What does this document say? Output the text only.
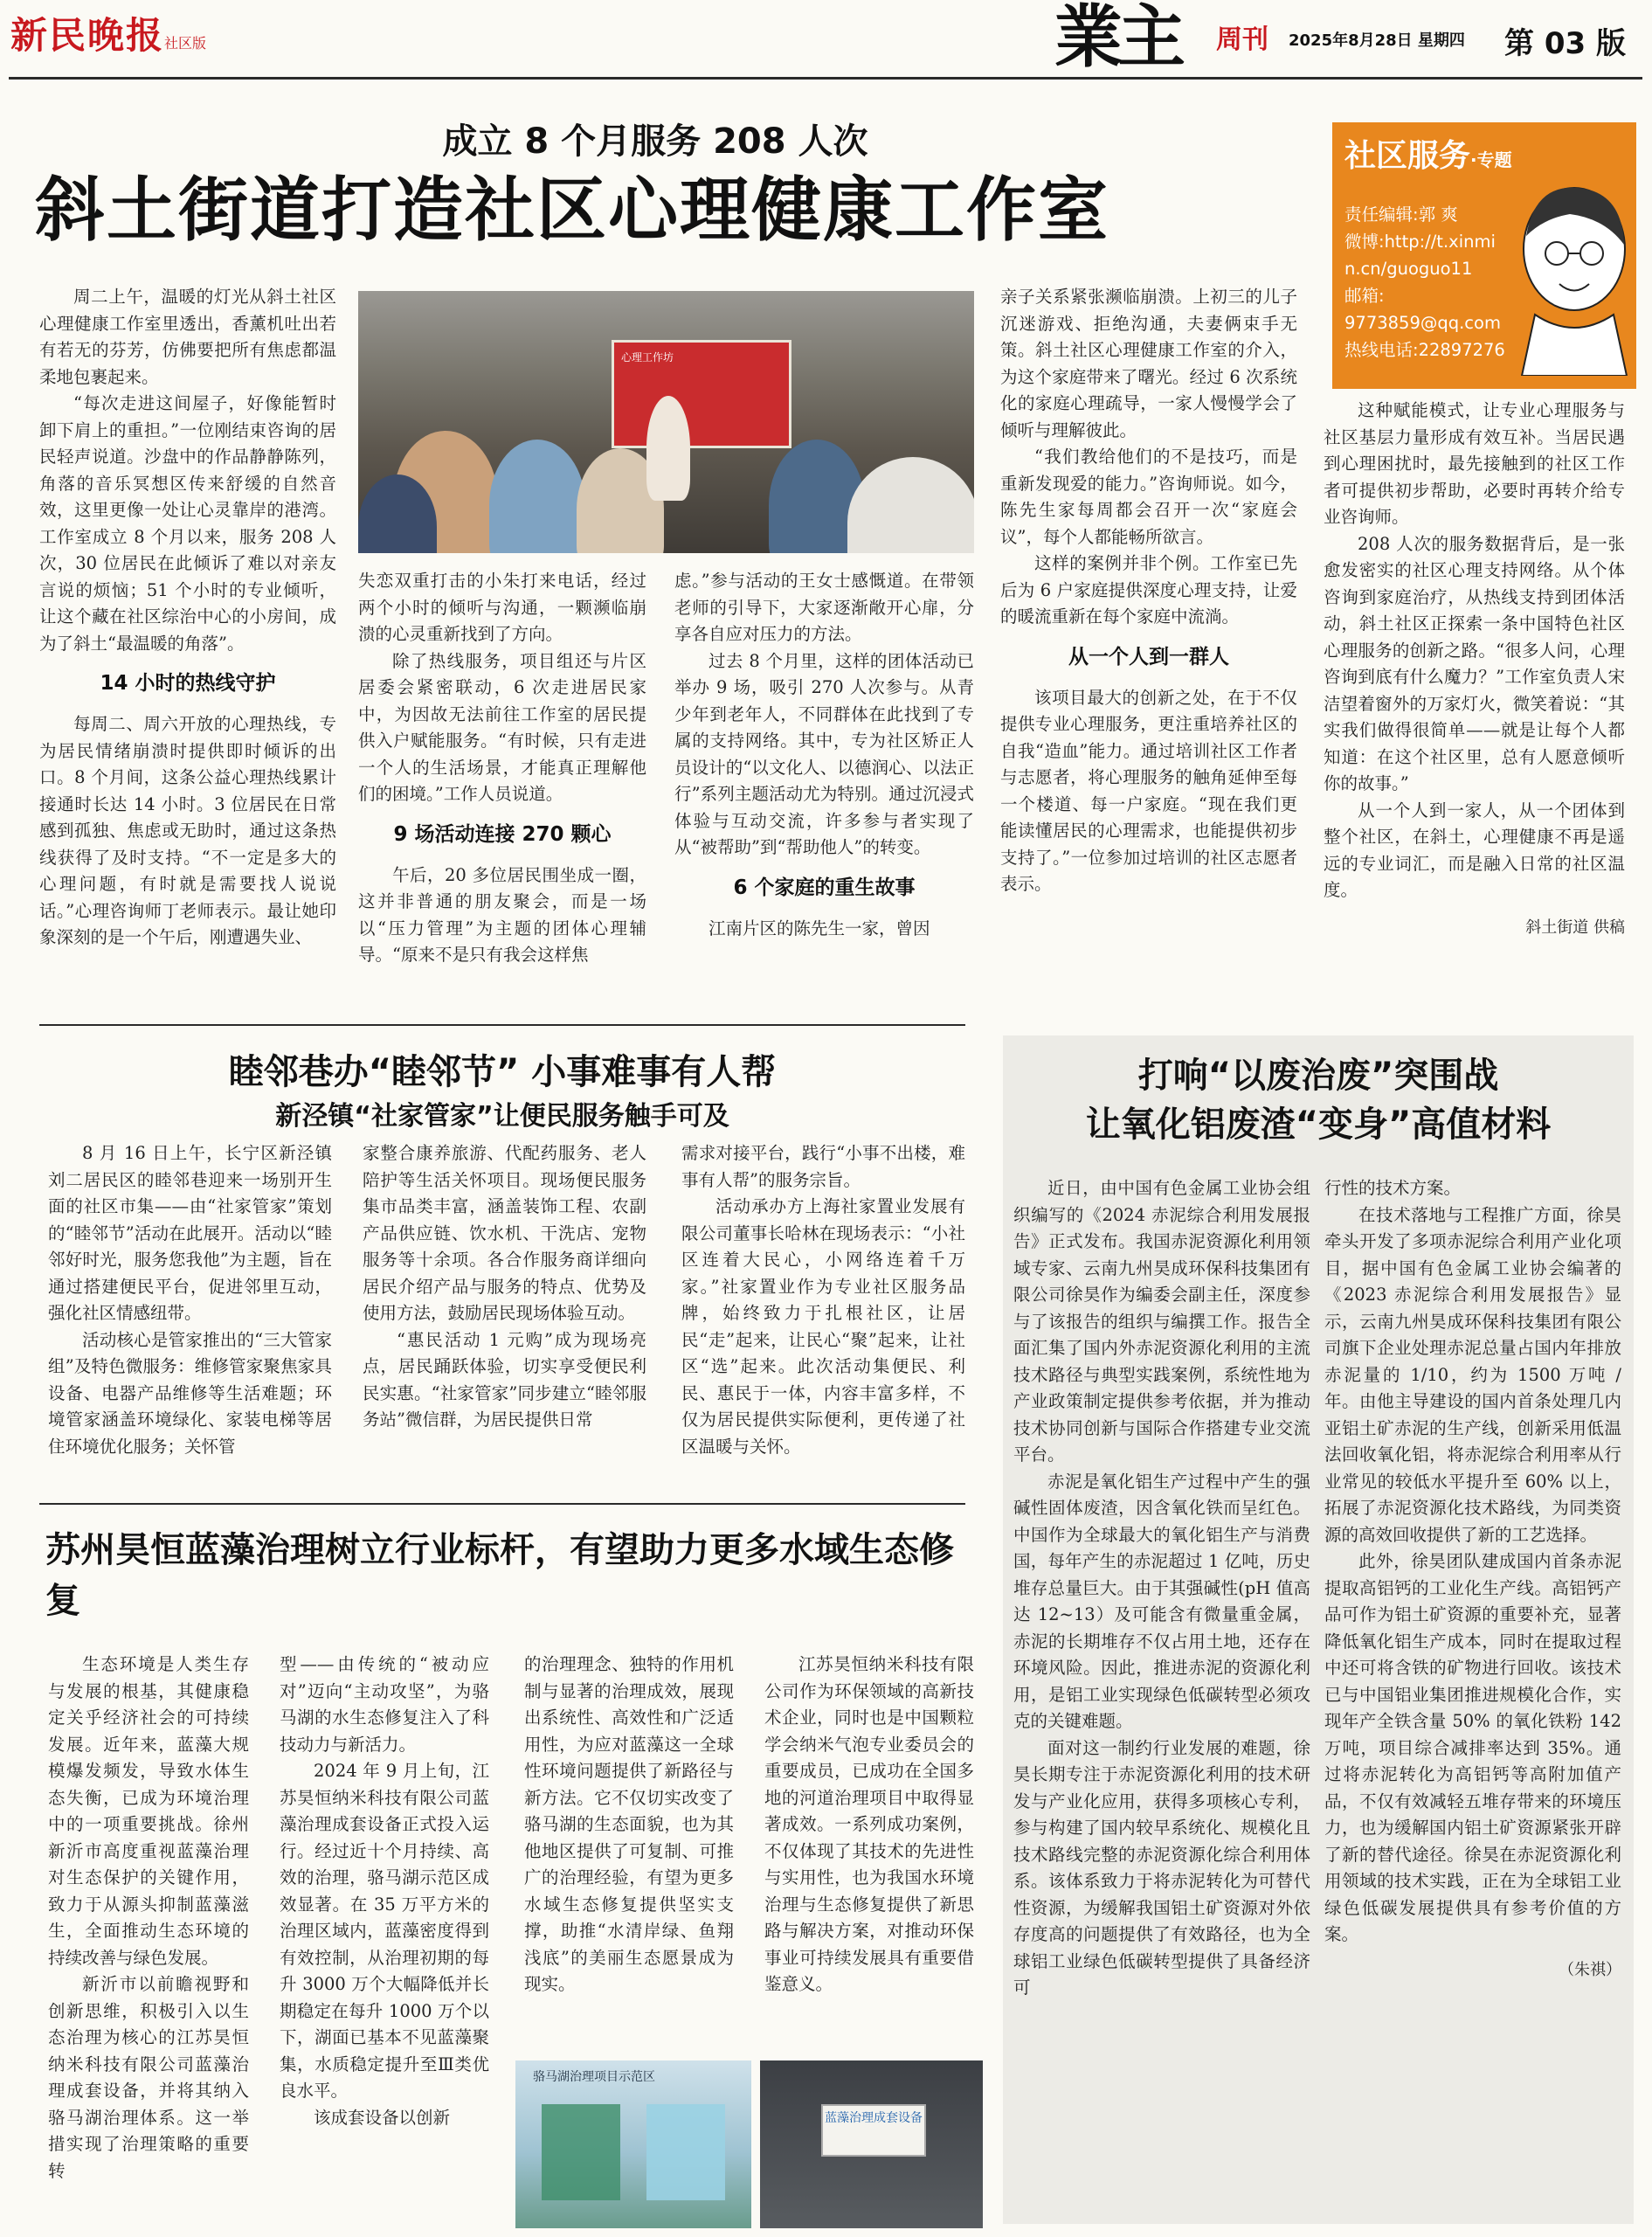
新民晚报社区版	業主 周刊 2025年8月28日 星期四 第 03 版
成立 8 个月服务 208 人次
斜土街道打造社区心理健康工作室
心理工作坊
社区服务·专题
责任编辑:郭 爽
微博:http://t.xinmin.cn/guoguo11
邮箱:
9773859@qq.com
热线电话:22897276

周二上午，温暖的灯光从斜土社区心理健康工作室里透出，香薰机吐出若有若无的芬芳，仿佛要把所有焦虑都温柔地包裹起来。

“每次走进这间屋子，好像能暂时卸下肩上的重担。”一位刚结束咨询的居民轻声说道。沙盘中的作品静静陈列，角落的音乐冥想区传来舒缓的自然音效，这里更像一处让心灵靠岸的港湾。工作室成立 8 个月以来，服务 208 人次，30 位居民在此倾诉了难以对亲友言说的烦恼；51 个小时的专业倾听，让这个藏在社区综治中心的小房间，成为了斜土“最温暖的角落”。

14 小时的热线守护

每周二、周六开放的心理热线，专为居民情绪崩溃时提供即时倾诉的出口。8 个月间，这条公益心理热线累计接通时长达 14 小时。3 位居民在日常感到孤独、焦虑或无助时，通过这条热线获得了及时支持。“不一定是多大的心理问题，有时就是需要找人说说话。”心理咨询师丁老师表示。最让她印象深刻的是一个午后，刚遭遇失业、

失恋双重打击的小朱打来电话，经过两个小时的倾听与沟通，一颗濒临崩溃的心灵重新找到了方向。

除了热线服务，项目组还与片区居委会紧密联动，6 次走进居民家中，为因故无法前往工作室的居民提供入户赋能服务。“有时候，只有走进一个人的生活场景，才能真正理解他们的困境。”工作人员说道。

9 场活动连接 270 颗心

午后，20 多位居民围坐成一圈，这并非普通的朋友聚会，而是一场以“压力管理”为主题的团体心理辅导。“原来不是只有我会这样焦

虑。”参与活动的王女士感慨道。在带领老师的引导下，大家逐渐敞开心扉，分享各自应对压力的方法。

过去 8 个月里，这样的团体活动已举办 9 场，吸引 270 人次参与。从青少年到老年人，不同群体在此找到了专属的支持网络。其中，专为社区矫正人员设计的“以文化人、以德润心、以法正行”系列主题活动尤为特别。通过沉浸式体验与互动交流，许多参与者实现了从“被帮助”到“帮助他人”的转变。

6 个家庭的重生故事

江南片区的陈先生一家，曾因

亲子关系紧张濒临崩溃。上初三的儿子沉迷游戏、拒绝沟通，夫妻俩束手无策。斜土社区心理健康工作室的介入，为这个家庭带来了曙光。经过 6 次系统化的家庭心理疏导，一家人慢慢学会了倾听与理解彼此。

“我们教给他们的不是技巧，而是重新发现爱的能力。”咨询师说。如今，陈先生家每周都会召开一次“家庭会议”，每个人都能畅所欲言。

这样的案例并非个例。工作室已先后为 6 户家庭提供深度心理支持，让爱的暖流重新在每个家庭中流淌。

从一个人到一群人

该项目最大的创新之处，在于不仅提供专业心理服务，更注重培养社区的自我“造血”能力。通过培训社区工作者与志愿者，将心理服务的触角延伸至每一个楼道、每一户家庭。“现在我们更能读懂居民的心理需求，也能提供初步支持了。”一位参加过培训的社区志愿者表示。

这种赋能模式，让专业心理服务与社区基层力量形成有效互补。当居民遇到心理困扰时，最先接触到的社区工作者可提供初步帮助，必要时再转介给专业咨询师。

208 人次的服务数据背后，是一张愈发密实的社区心理支持网络。从个体咨询到家庭治疗，从热线支持到团体活动，斜土社区正探索一条中国特色社区心理服务的创新之路。“很多人问，心理咨询到底有什么魔力？”工作室负责人宋洁望着窗外的万家灯火，微笑着说：“其实我们做得很简单——就是让每个人都知道：在这个社区里，总有人愿意倾听你的故事。”

从一个人到一家人，从一个团体到整个社区，在斜土，心理健康不再是遥远的专业词汇，而是融入日常的社区温度。

斜土街道 供稿
睦邻巷办“睦邻节” 小事难事有人帮
新泾镇“社家管家”让便民服务触手可及

8 月 16 日上午，长宁区新泾镇刘二居民区的睦邻巷迎来一场别开生面的社区市集——由“社家管家”策划的“睦邻节”活动在此展开。活动以“睦邻好时光，服务您我他”为主题，旨在通过搭建便民平台，促进邻里互动，强化社区情感纽带。

活动核心是管家推出的“三大管家组”及特色微服务：维修管家聚焦家具设备、电器产品维修等生活难题；环境管家涵盖环境绿化、家装电梯等居住环境优化服务；关怀管

家整合康养旅游、代配药服务、老人陪护等生活关怀项目。现场便民服务集市品类丰富，涵盖装饰工程、农副产品供应链、饮水机、干洗店、宠物服务等十余项。各合作服务商详细向居民介绍产品与服务的特点、优势及使用方法，鼓励居民现场体验互动。

“惠民活动 1 元购”成为现场亮点，居民踊跃体验，切实享受便民利民实惠。“社家管家”同步建立“睦邻服务站”微信群，为居民提供日常

需求对接平台，践行“小事不出楼，难事有人帮”的服务宗旨。

活动承办方上海社家置业发展有限公司董事长哈林在现场表示：“小社区连着大民心，小网络连着千万家。”社家置业作为专业社区服务品牌，始终致力于扎根社区，让居民“走”起来，让民心“聚”起来，让社区“选”起来。此次活动集便民、利民、惠民于一体，内容丰富多样，不仅为居民提供实际便利，更传递了社区温暖与关怀。

苏州昊恒蓝藻治理树立行业标杆，有望助力更多水域生态修复

生态环境是人类生存与发展的根基，其健康稳定关乎经济社会的可持续发展。近年来，蓝藻大规模爆发频发，导致水体生态失衡，已成为环境治理中的一项重要挑战。徐州新沂市高度重视蓝藻治理对生态保护的关键作用，致力于从源头抑制蓝藻滋生，全面推动生态环境的持续改善与绿色发展。

新沂市以前瞻视野和创新思维，积极引入以生态治理为核心的江苏昊恒纳米科技有限公司蓝藻治理成套设备，并将其纳入骆马湖治理体系。这一举措实现了治理策略的重要转

型——由传统的“被动应对”迈向“主动攻坚”，为骆马湖的水生态修复注入了科技动力与新活力。

2024 年 9 月上旬，江苏昊恒纳米科技有限公司蓝藻治理成套设备正式投入运行。经过近十个月持续、高效的治理，骆马湖示范区成效显著。在 35 万平方米的治理区域内，蓝藻密度得到有效控制，从治理初期的每升 3000 万个大幅降低并长期稳定在每升 1000 万个以下，湖面已基本不见蓝藻聚集，水质稳定提升至Ⅲ类优良水平。

该成套设备以创新

的治理理念、独特的作用机制与显著的治理成效，展现出系统性、高效性和广泛适用性，为应对蓝藻这一全球性环境问题提供了新路径与新方法。它不仅切实改变了骆马湖的生态面貌，也为其他地区提供了可复制、可推广的治理经验，有望为更多水域生态修复提供坚实支撑，助推“水清岸绿、鱼翔浅底”的美丽生态愿景成为现实。

江苏昊恒纳米科技有限公司作为环保领域的高新技术企业，同时也是中国颗粒学会纳米气泡专业委员会的重要成员，已成功在全国多地的河道治理项目中取得显著成效。一系列成功案例，不仅体现了其技术的先进性与实用性，也为我国水环境治理与生态修复提供了新思路与解决方案，对推动环保事业可持续发展具有重要借鉴意义。

骆马湖治理项目示范区
蓝藻治理成套设备
打响“以废治废”突围战
让氧化铝废渣“变身”高值材料

近日，由中国有色金属工业协会组织编写的《2024 赤泥综合利用发展报告》正式发布。我国赤泥资源化利用领域专家、云南九州昊成环保科技集团有限公司徐昊作为编委会副主任，深度参与了该报告的组织与编撰工作。报告全面汇集了国内外赤泥资源化利用的主流技术路径与典型实践案例，系统性地为产业政策制定提供参考依据，并为推动技术协同创新与国际合作搭建专业交流平台。

赤泥是氧化铝生产过程中产生的强碱性固体废渣，因含氧化铁而呈红色。中国作为全球最大的氧化铝生产与消费国，每年产生的赤泥超过 1 亿吨，历史堆存总量巨大。由于其强碱性(pH 值高达 12~13）及可能含有微量重金属，赤泥的长期堆存不仅占用土地，还存在环境风险。因此，推进赤泥的资源化利用，是铝工业实现绿色低碳转型必须攻克的关键难题。

面对这一制约行业发展的难题，徐昊长期专注于赤泥资源化利用的技术研发与产业化应用，获得多项核心专利，参与构建了国内较早系统化、规模化且技术路线完整的赤泥资源化综合利用体系。该体系致力于将赤泥转化为可替代性资源，为缓解我国铝土矿资源对外依存度高的问题提供了有效路径，也为全球铝工业绿色低碳转型提供了具备经济可

行性的技术方案。

在技术落地与工程推广方面，徐昊牵头开发了多项赤泥综合利用产业化项目，据中国有色金属工业协会编著的《2023 赤泥综合利用发展报告》显示，云南九州昊成环保科技集团有限公司旗下企业处理赤泥总量占国内年排放赤泥量的 1/10，约为 1500 万吨 / 年。由他主导建设的国内首条处理几内亚铝土矿赤泥的生产线，创新采用低温法回收氧化铝，将赤泥综合利用率从行业常见的较低水平提升至 60% 以上，拓展了赤泥资源化技术路线，为同类资源的高效回收提供了新的工艺选择。

此外，徐昊团队建成国内首条赤泥提取高铝钙的工业化生产线。高铝钙产品可作为铝土矿资源的重要补充，显著降低氧化铝生产成本，同时在提取过程中还可将含铁的矿物进行回收。该技术已与中国铝业集团推进规模化合作，实现年产全铁含量 50% 的氧化铁粉 142 万吨，项目综合减排率达到 35%。通过将赤泥转化为高铝钙等高附加值产品，不仅有效减轻五堆存带来的环境压力，也为缓解国内铝土矿资源紧张开辟了新的替代途径。徐昊在赤泥资源化利用领域的技术实践，正在为全球铝工业绿色低碳发展提供具有参考价值的方案。

（朱祺）
